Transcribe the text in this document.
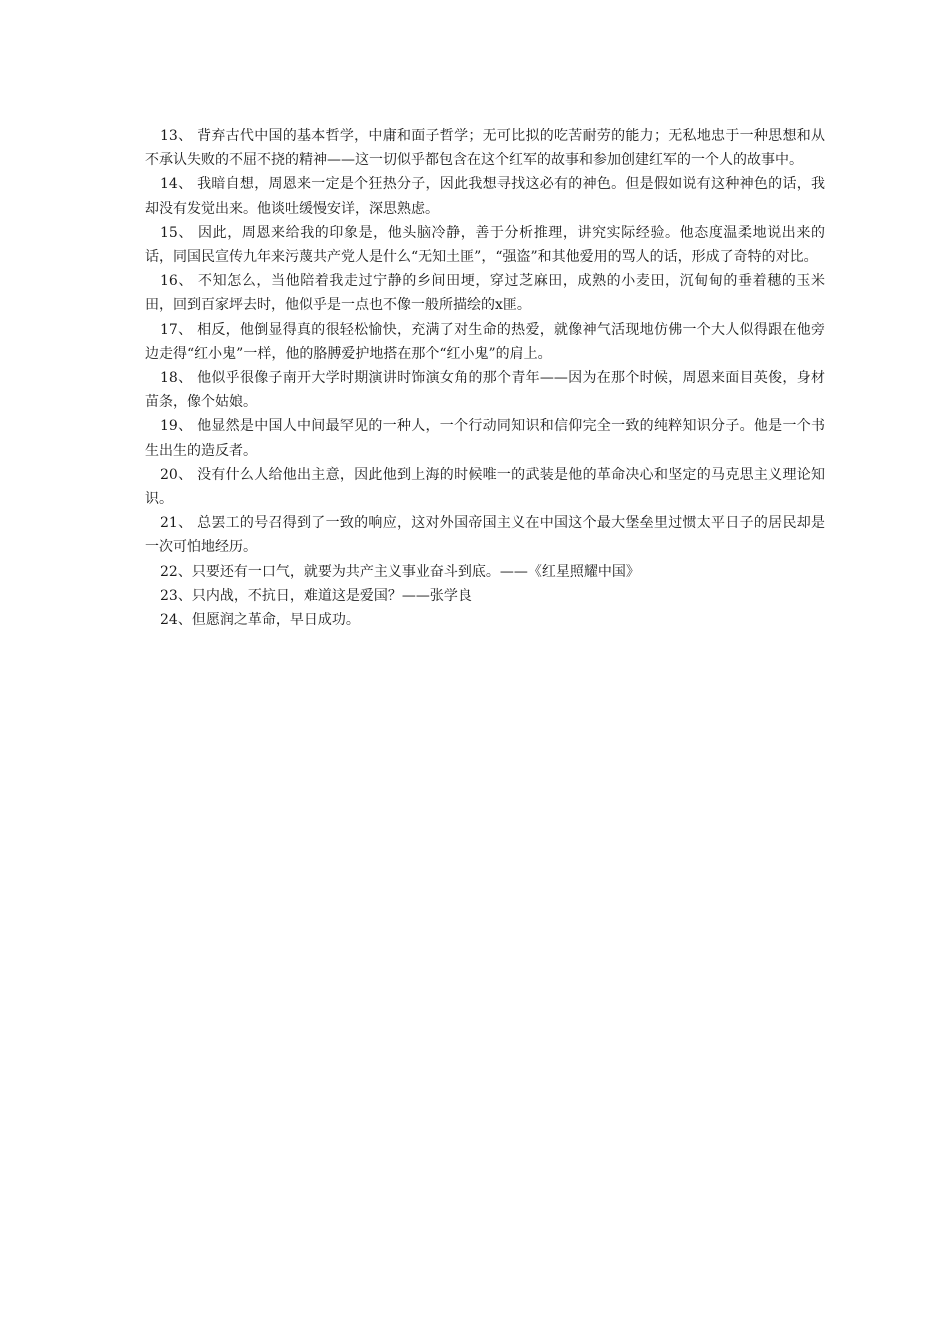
13、 背弃古代中国的基本哲学，中庸和面子哲学；无可比拟的吃苦耐劳的能力；无私地忠于一种思想和从不承认失败的不屈不挠的精神——这一切似乎都包含在这个红军的故事和参加创建红军的一个人的故事中。

14、 我暗自想，周恩来一定是个狂热分子，因此我想寻找这必有的神色。但是假如说有这种神色的话，我却没有发觉出来。他谈吐缓慢安详，深思熟虑。

15、 因此，周恩来给我的印象是，他头脑冷静，善于分析推理，讲究实际经验。他态度温柔地说出来的话，同国民宣传九年来污蔑共产党人是什么“无知土匪”，“强盗”和其他爱用的骂人的话，形成了奇特的对比。

16、 不知怎么，当他陪着我走过宁静的乡间田埂，穿过芝麻田，成熟的小麦田，沉甸甸的垂着穗的玉米田，回到百家坪去时，他似乎是一点也不像一般所描绘的x匪。

17、 相反，他倒显得真的很轻松愉快，充满了对生命的热爱，就像神气活现地仿佛一个大人似得跟在他旁边走得“红小鬼”一样，他的胳膊爱护地搭在那个“红小鬼”的肩上。

18、 他似乎很像子南开大学时期演讲时饰演女角的那个青年——因为在那个时候，周恩来面目英俊，身材苗条，像个姑娘。

19、 他显然是中国人中间最罕见的一种人，一个行动同知识和信仰完全一致的纯粹知识分子。他是一个书生出生的造反者。

20、 没有什么人给他出主意，因此他到上海的时候唯一的武装是他的革命决心和坚定的马克思主义理论知识。

21、 总罢工的号召得到了一致的响应，这对外国帝国主义在中国这个最大堡垒里过惯太平日子的居民却是一次可怕地经历。

22、只要还有一口气，就要为共产主义事业奋斗到底。——《红星照耀中国》

23、只内战，不抗日，难道这是爱国？——张学良

24、但愿润之革命，早日成功。
